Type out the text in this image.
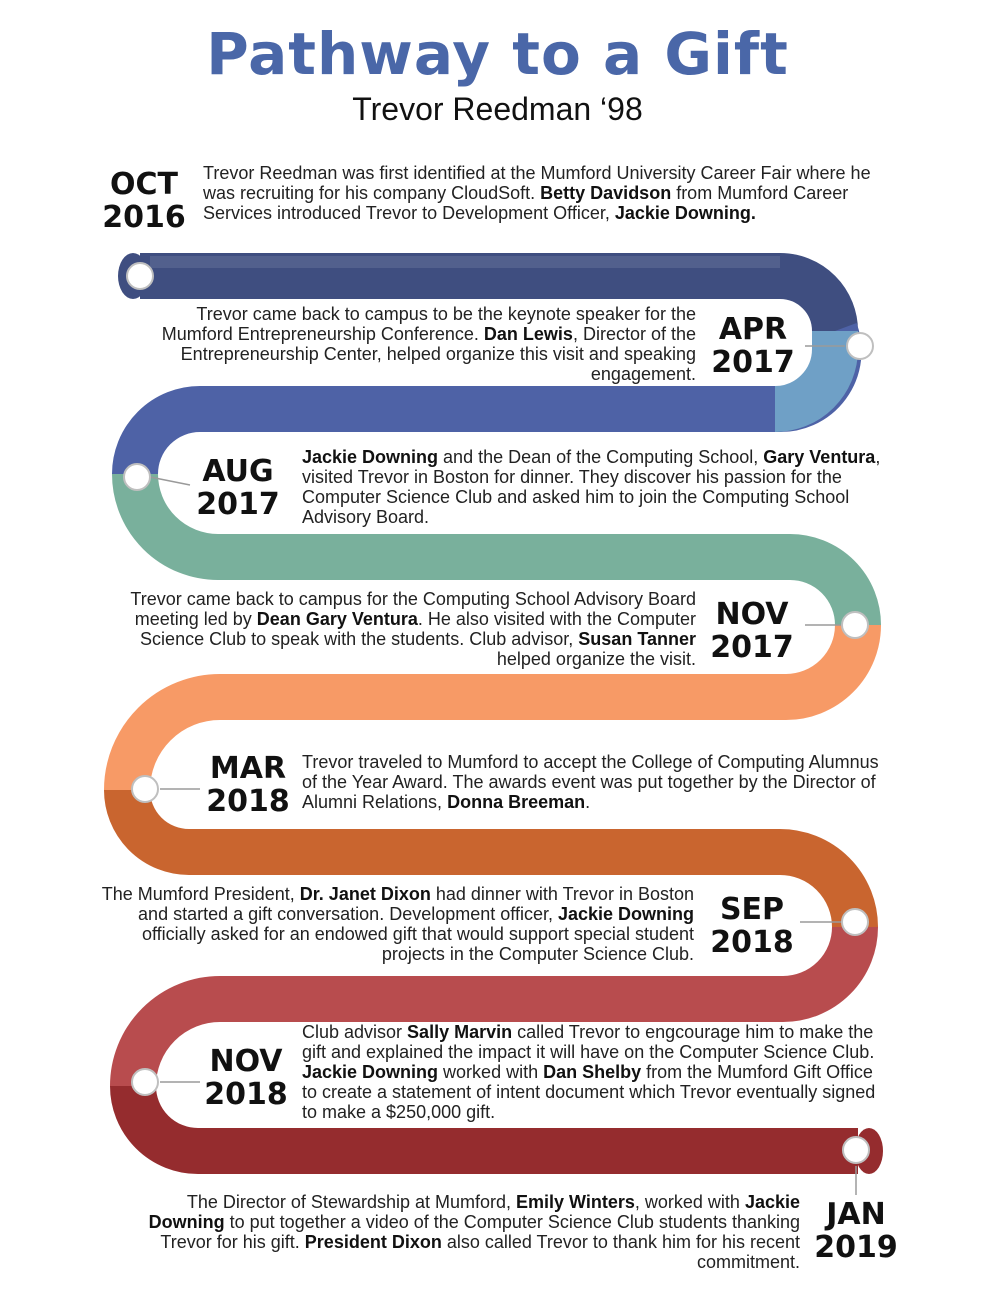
Pathway to a Gift
Trevor Reedman ‘98
OCT
2016
Trevor Reedman was first identified at the Mumford University Career Fair where he was recruiting for his company CloudSoft. Betty Davidson from Mumford Career Services introduced Trevor to Development Officer, Jackie Downing.
APR
2017
Trevor came back to campus to be the keynote speaker for the Mumford Entrepreneurship Conference. Dan Lewis, Director of the Entrepreneurship Center, helped organize this visit and speaking engagement.
AUG
2017
Jackie Downing and the Dean of the Computing School, Gary Ventura, visited Trevor in Boston for dinner. They discover his passion for the Computer Science Club and asked him to join the Computing School Advisory Board.
NOV
2017
Trevor came back to campus for the Computing School Advisory Board meeting led by Dean Gary Ventura. He also visited with the Computer Science Club to speak with the students. Club advisor, Susan Tanner helped organize the visit.
MAR
2018
Trevor traveled to Mumford to accept the College of Computing Alumnus of the Year Award. The awards event was put together by the Director of Alumni Relations, Donna Breeman.
SEP
2018
The Mumford President, Dr. Janet Dixon had dinner with Trevor in Boston and started a gift conversation. Development officer, Jackie Downing officially asked for an endowed gift that would support special student projects in the Computer Science Club.
NOV
2018
Club advisor Sally Marvin called Trevor to engcourage him to make the gift and explained the impact it will have on the Computer Science Club. Jackie Downing worked with Dan Shelby from the Mumford Gift Office to create a statement of intent document which Trevor eventually signed to make a $250,000 gift.
JAN
2019
The Director of Stewardship at Mumford, Emily Winters, worked with Jackie Downing to put together a video of the Computer Science Club students thanking Trevor for his gift. President Dixon also called Trevor to thank him for his recent commitment.
